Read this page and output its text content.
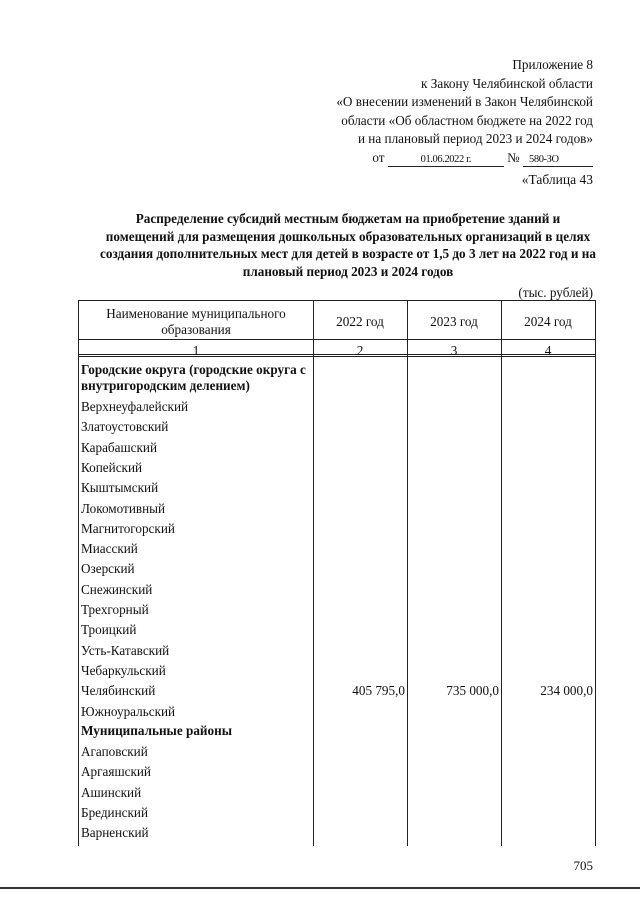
Приложение 8
к Закону Челябинской области
«О внесении изменений в Закон Челябинской
области «Об областном бюджете на 2022 год
и на плановый период 2023 и 2024 годов»
от	01.06.2022 г.	№ 580-ЗО
«Таблица 43
Распределение субсидий местным бюджетам на приобретение зданий и помещений для размещения дошкольных образовательных организаций в целях создания дополнительных мест для детей в возрасте от 1,5 до 3 лет на 2022 год и на плановый период 2023 и 2024 годов
(тыс. рублей)
Наименование муниципального образования
2022 год	2023 год	2024 год
1	2	3	4
Городские округа (городские округа с внутригородским делением)
Верхнеуфалейский
Златоустовский
Карабашский
Копейский
Кыштымский
Локомотивный
Магнитогорский
Миасский
Озерский
Снежинский
Трехгорный
Троицкий
Усть-Катавский
Чебаркульский
Челябинский	405 795,0	735 000,0	234 000,0
Южноуральский
Муниципальные районы
Агаповский
Аргаяшский
Ашинский
Брединский
Варненский
705
